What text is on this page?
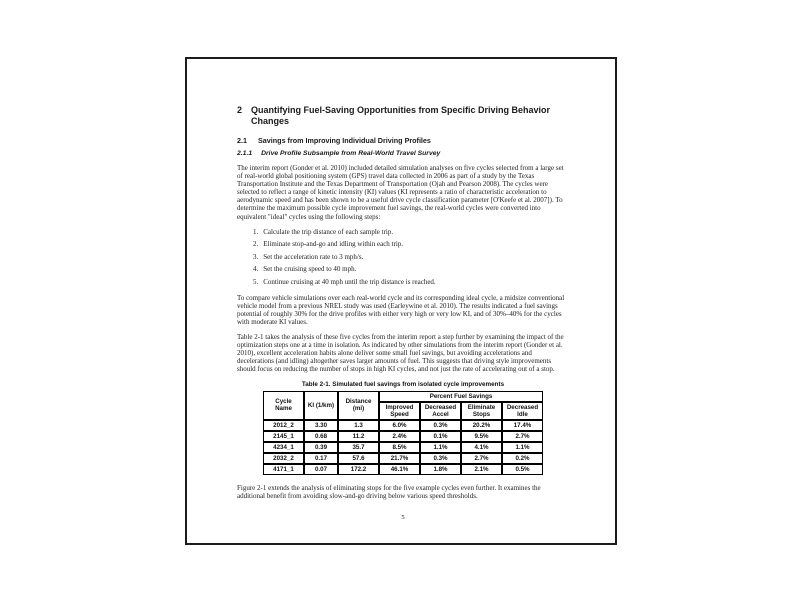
2 Quantifying Fuel-Saving Opportunities from Specific Driving Behavior Changes
2.1 Savings from Improving Individual Driving Profiles
2.1.1 Drive Profile Subsample from Real-World Travel Survey
The interim report (Gonder et al. 2010) included detailed simulation analyses on five cycles selected from a large set of real-world global positioning system (GPS) travel data collected in 2006 as part of a study by the Texas Transportation Institute and the Texas Department of Transportation (Ojah and Pearson 2008). The cycles were selected to reflect a range of kinetic intensity (KI) values (KI represents a ratio of characteristic acceleration to aerodynamic speed and has been shown to be a useful drive cycle classification parameter [O'Keefe et al. 2007]). To determine the maximum possible cycle improvement fuel savings, the real-world cycles were converted into equivalent "ideal" cycles using the following steps:
1. Calculate the trip distance of each sample trip.
2. Eliminate stop-and-go and idling within each trip.
3. Set the acceleration rate to 3 mph/s.
4. Set the cruising speed to 40 mph.
5. Continue cruising at 40 mph until the trip distance is reached.
To compare vehicle simulations over each real-world cycle and its corresponding ideal cycle, a midsize conventional vehicle model from a previous NREL study was used (Earleywine et al. 2010). The results indicated a fuel savings potential of roughly 30% for the drive profiles with either very high or very low KI, and of 30%–40% for the cycles with moderate KI values.
Table 2-1 takes the analysis of these five cycles from the interim report a step further by examining the impact of the optimization steps one at a time in isolation. As indicated by other simulations from the interim report (Gonder et al. 2010), excellent acceleration habits alone deliver some small fuel savings, but avoiding accelerations and decelerations (and idling) altogether saves larger amounts of fuel. This suggests that driving style improvements should focus on reducing the number of stops in high KI cycles, and not just the rate of accelerating out of a stop.
Table 2-1. Simulated fuel savings from isolated cycle improvements
Cycle Name	KI (1/km)	Distance (mi)	Percent Fuel Savings			
			Improved Speed	Decreased Accel	Eliminate Stops	Decreased Idle
2012_2	3.30	1.3	6.0%	0.3%	20.2%	17.4%
2145_1	0.68	11.2	2.4%	0.1%	9.5%	2.7%
4234_1	0.39	35.7	8.5%	1.1%	4.1%	1.1%
2032_2	0.17	57.6	21.7%	0.3%	2.7%	0.2%
4171_1	0.07	172.2	46.1%	1.8%	2.1%	0.5%
Figure 2-1 extends the analysis of eliminating stops for the five example cycles even further. It examines the additional benefit from avoiding slow-and-go driving below various speed thresholds.
5
